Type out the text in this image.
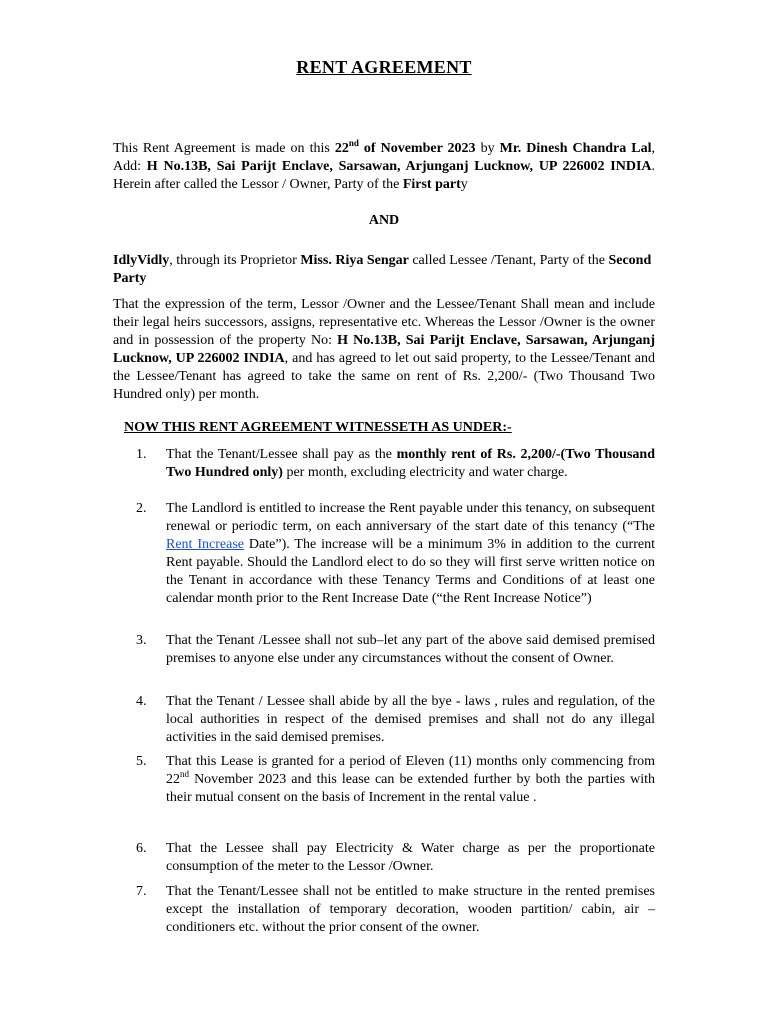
RENT AGREEMENT
This Rent Agreement is made on this 22nd of November 2023 by Mr. Dinesh Chandra Lal, Add: H No.13B, Sai Parijt Enclave, Sarsawan, Arjunganj Lucknow, UP 226002 INDIA. Herein after called the Lessor / Owner, Party of the First party
AND
IdlyVidly, through its Proprietor Miss. Riya Sengar called Lessee /Tenant, Party of the Second Party
That the expression of the term, Lessor /Owner and the Lessee/Tenant Shall mean and include their legal heirs successors, assigns, representative etc. Whereas the Lessor /Owner is the owner and in possession of the property No: H No.13B, Sai Parijt Enclave, Sarsawan, Arjunganj Lucknow, UP 226002 INDIA, and has agreed to let out said property, to the Lessee/Tenant and the Lessee/Tenant has agreed to take the same on rent of Rs. 2,200/- (Two Thousand Two Hundred only) per month.
NOW THIS RENT AGREEMENT WITNESSETH AS UNDER:-
1.	That the Tenant/Lessee shall pay as the monthly rent of Rs. 2,200/-(Two Thousand Two Hundred only) per month, excluding electricity and water charge.
2.	The Landlord is entitled to increase the Rent payable under this tenancy, on subsequent renewal or periodic term, on each anniversary of the start date of this tenancy (“The Rent Increase Date”). The increase will be a minimum 3% in addition to the current Rent payable. Should the Landlord elect to do so they will first serve written notice on the Tenant in accordance with these Tenancy Terms and Conditions of at least one calendar month prior to the Rent Increase Date (“the Rent Increase Notice”)
3.	That the Tenant /Lessee shall not sub–let any part of the above said demised premised premises to anyone else under any circumstances without the consent of Owner.
4.	That the Tenant / Lessee shall abide by all the bye - laws , rules and regulation, of the local authorities in respect of the demised premises and shall not do any illegal activities in the said demised premises.
5.	That this Lease is granted for a period of Eleven (11) months only commencing from 22nd November 2023 and this lease can be extended further by both the parties with their mutual consent on the basis of Increment in the rental value .
6.	That the Lessee shall pay Electricity & Water charge as per the proportionate consumption of the meter to the Lessor /Owner.
7.	That the Tenant/Lessee shall not be entitled to make structure in the rented premises except the installation of temporary decoration, wooden partition/ cabin, air – conditioners etc. without the prior consent of the owner.
